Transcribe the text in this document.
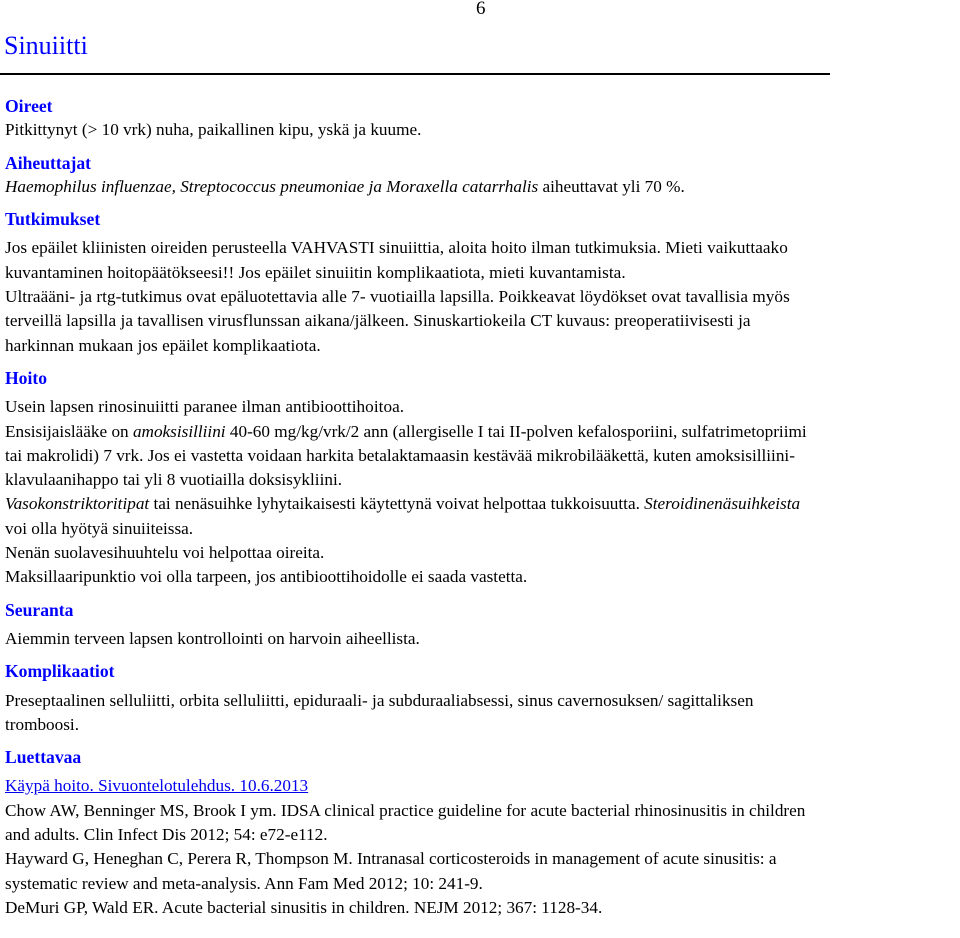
6
Sinuiitti
Oireet

Pitkittynyt (> 10 vrk) nuha, paikallinen kipu, yskä ja kuume.

Aiheuttajat

Haemophilus influenzae, Streptococcus pneumoniae ja Moraxella catarrhalis aiheuttavat yli 70 %.

Tutkimukset
Jos epäilet kliinisten oireiden perusteella VAHVASTI sinuiittia, aloita hoito ilman tutkimuksia. Mieti vaikuttaako
kuvantaminen hoitopäätökseesi!! Jos epäilet sinuiitin komplikaatiota, mieti kuvantamista.
Ultraääni- ja rtg-tutkimus ovat epäluotettavia alle 7- vuotiailla lapsilla. Poikkeavat löydökset ovat tavallisia myös
terveillä lapsilla ja tavallisen virusflunssan aikana/jälkeen. Sinuskartiokeila CT kuvaus: preoperatiivisesti ja
harkinnan mukaan jos epäilet komplikaatiota.
Hoito
Usein lapsen rinosinuiitti paranee ilman antibioottihoitoa.
Ensisijaislääke on amoksisilliini 40-60 mg/kg/vrk/2 ann (allergiselle I tai II-polven kefalosporiini, sulfatrimetopriimi
tai makrolidi) 7 vrk. Jos ei vastetta voidaan harkita betalaktamaasin kestävää mikrobilääkettä, kuten amoksisilliini-
klavulaanihappo tai yli 8 vuotiailla doksisykliini.
Vasokonstriktoritipat tai nenäsuihke lyhytaikaisesti käytettynä voivat helpottaa tukkoisuutta. Steroidinenäsuihkeista
voi olla hyötyä sinuiiteissa.
Nenän suolavesihuuhtelu voi helpottaa oireita.
Maksillaaripunktio voi olla tarpeen, jos antibioottihoidolle ei saada vastetta.
Seuranta

Aiemmin terveen lapsen kontrollointi on harvoin aiheellista.

Komplikaatiot
Preseptaalinen selluliitti, orbita selluliitti, epiduraali- ja subduraaliabsessi, sinus cavernosuksen/ sagittaliksen
tromboosi.
Luettavaa
Käypä hoito. Sivuontelotulehdus. 10.6.2013
Chow AW, Benninger MS, Brook I ym. IDSA clinical practice guideline for acute bacterial rhinosinusitis in children
and adults. Clin Infect Dis 2012; 54: e72-e112.
Hayward G, Heneghan C, Perera R, Thompson M. Intranasal corticosteroids in management of acute sinusitis: a
systematic review and meta-analysis. Ann Fam Med 2012; 10: 241-9.
DeMuri GP, Wald ER. Acute bacterial sinusitis in children. NEJM 2012; 367: 1128-34.
